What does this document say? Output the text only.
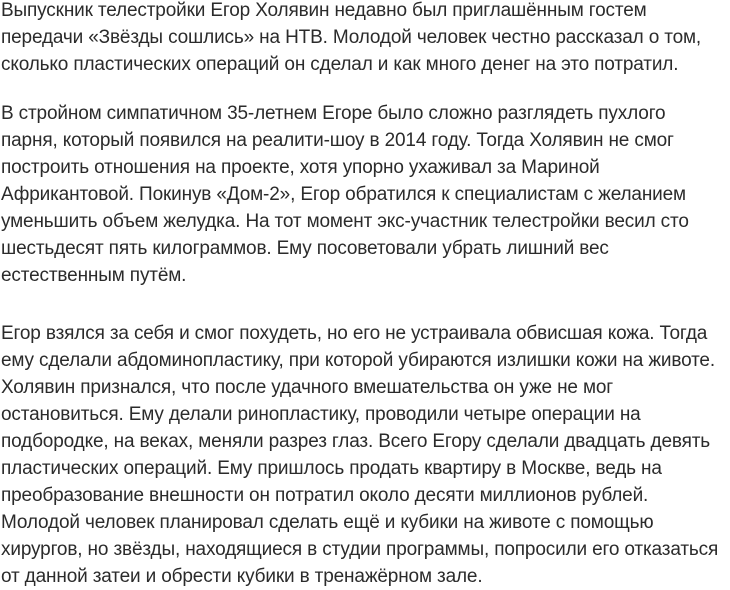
Выпускник телестройки Егор Холявин недавно был приглашённым гостем
передачи «Звёзды сошлись» на НТВ. Молодой человек честно рассказал о том,
сколько пластических операций он сделал и как много денег на это потратил.

В стройном симпатичном 35-летнем Егоре было сложно разглядеть пухлого
парня, который появился на реалити-шоу в 2014 году. Тогда Холявин не смог
построить отношения на проекте, хотя упорно ухаживал за Мариной
Африкантовой. Покинув «Дом-2», Егор обратился к специалистам с желанием
уменьшить объем желудка. На тот момент экс-участник телестройки весил сто
шестьдесят пять килограммов. Ему посоветовали убрать лишний вес
естественным путём.

Егор взялся за себя и смог похудеть, но его не устраивала обвисшая кожа. Тогда
ему сделали абдоминопластику, при которой убираются излишки кожи на животе.
Холявин признался, что после удачного вмешательства он уже не мог
остановиться. Ему делали ринопластику, проводили четыре операции на
подбородке, на веках, меняли разрез глаз. Всего Егору сделали двадцать девять
пластических операций. Ему пришлось продать квартиру в Москве, ведь на
преобразование внешности он потратил около десяти миллионов рублей.
Молодой человек планировал сделать ещё и кубики на животе с помощью
хирургов, но звёзды, находящиеся в студии программы, попросили его отказаться
от данной затеи и обрести кубики в тренажёрном зале.
